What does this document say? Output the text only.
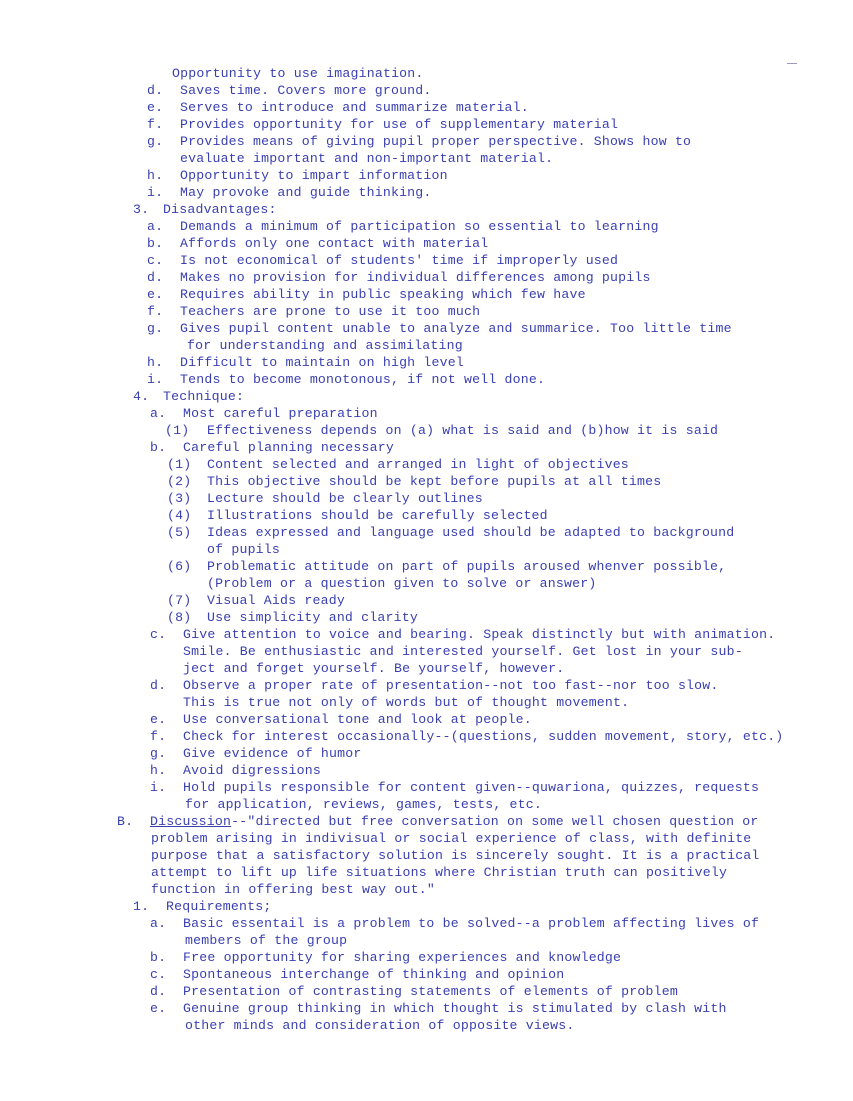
Opportunity to use imagination.
d. Saves time. Covers more ground.
e. Serves to introduce and summarize material.
f. Provides opportunity for use of supplementary material
g. Provides means of giving pupil proper perspective. Shows how to
evaluate important and non-important material.
h. Opportunity to impart information
i. May provoke and guide thinking.
3. Disadvantages:
a. Demands a minimum of participation so essential to learning
b. Affords only one contact with material
c. Is not economical of students' time if improperly used
d. Makes no provision for individual differences among pupils
e. Requires ability in public speaking which few have
f. Teachers are prone to use it too much
g. Gives pupil content unable to analyze and summarice. Too little time
for understanding and assimilating
h. Difficult to maintain on high level
i. Tends to become monotonous, if not well done.
4. Technique:
a. Most careful preparation
(1) Effectiveness depends on (a) what is said and (b)how it is said
b. Careful planning necessary
(1) Content selected and arranged in light of objectives
(2) This objective should be kept before pupils at all times
(3) Lecture should be clearly outlines
(4) Illustrations should be carefully selected
(5) Ideas expressed and language used should be adapted to background
of pupils
(6) Problematic attitude on part of pupils aroused whenver possible,
(Problem or a question given to solve or answer)
(7) Visual Aids ready
(8) Use simplicity and clarity
c. Give attention to voice and bearing. Speak distinctly but with animation.
Smile. Be enthusiastic and interested yourself. Get lost in your sub-
ject and forget yourself. Be yourself, however.
d. Observe a proper rate of presentation--not too fast--nor too slow.
This is true not only of words but of thought movement.
e. Use conversational tone and look at people.
f. Check for interest occasionally--(questions, sudden movement, story, etc.)
g. Give evidence of humor
h. Avoid digressions
i. Hold pupils responsible for content given--quwariona, quizzes, requests
for application, reviews, games, tests, etc.
B. Discussion--"directed but free conversation on some well chosen question or
problem arising in indivisual or social experience of class, with definite
purpose that a satisfactory solution is sincerely sought. It is a practical
attempt to lift up life situations where Christian truth can positively
function in offering best way out."
1. Requirements;
a. Basic essentail is a problem to be solved--a problem affecting lives of
members of the group
b. Free opportunity for sharing experiences and knowledge
c. Spontaneous interchange of thinking and opinion
d. Presentation of contrasting statements of elements of problem
e. Genuine group thinking in which thought is stimulated by clash with
other minds and consideration of opposite views.
